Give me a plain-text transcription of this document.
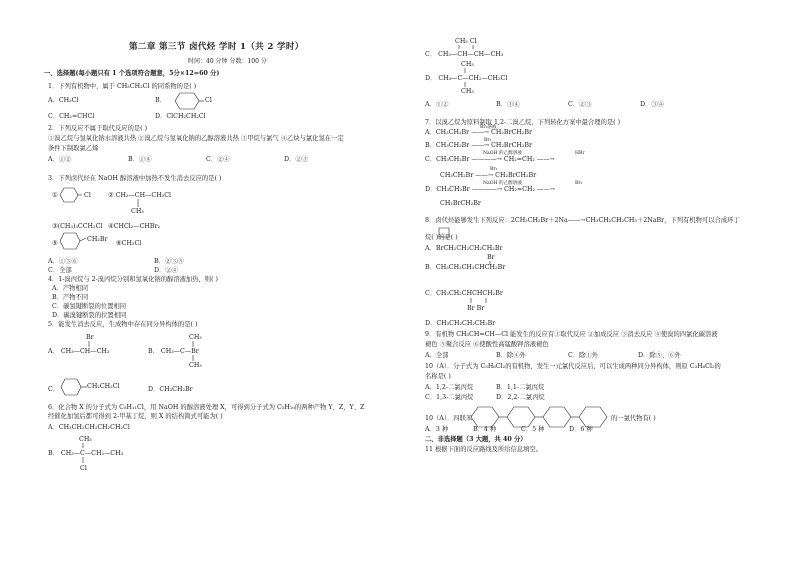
第二章 第三节 卤代烃 学时 1（共 2 学时）
时间：40 分钟 分数：100 分
一、选择题(每小题只有 1 个选项符合题意，5分×12=60 分)
1．下列有机物中，属于 CH₃CH₂Cl 的同系物的是( )
A．CH₃Cl	B．	Cl
C．CH₂=CHCl	D．ClCH₂CH₂Cl
2．下列反应不属于取代反应的是( )
①溴乙烷与氢氧化钠水溶液共热 ②溴乙烷与氢氧化钠的乙醇溶液共热 ③甲烷与氯气 ④乙炔与氯化氢在一定
条件下制取氯乙烯
A．①②	B．①④	C．②④	D．②③
3．下列卤代烃在 NaOH 醇溶液中加热不发生消去反应的是( )
①	Cl	② CH₃—CH—CH₂Cl
CH₃
③(CH₃)₃CCH₂Cl ④CHCl₂—CHBr₂
⑤
CH₂Br
⑥CH₃Cl
A．①③⑥	B．②③⑤
C．全部	D．②④
4．1-溴丙烷与 2-溴丙烷分别和氢氧化钠的醇溶液加热，则( )
A．产物相同
B．产物不同
C．碳氢键断裂的位置相同
D．碳溴键断裂的位置相同
5．能发生消去反应，生成物中存在同分异构体的是( )
Br
A． CH₃—CH—CH₃
CH₃
B． CH₃—C—Br
CH₃
C．	CH₂CH₂Cl	D．CH₃CH₂Br
6．化合物 X 的分子式为 C₅H₁₁Cl，用 NaOH 的醇溶液处理 X，可得到分子式为 C₅H₁₀的两种产物 Y、Z，Y、Z
经催化加氢后都可得到 2-甲基丁烷，则 X 的结构简式可能为( )
A．CH₃CH₂CH₂CH₂CH₂Cl
CH₃
B． CH₃—C—CH₂—CH₃
Cl
CH₃ Cl
C． CH₃—CH—CH—CH₃
CH₃
D． CH₃—C—CH₂—CH₂Cl
CH₃
A．①②	B．③④	C．②③	D．③④
7．以溴乙烷为原料制取 1,2-二溴乙烷，下列转化方案中最合理的是( )
Br₂溶液
A．CH₃CH₂Br ——→ CH₂BrCH₂Br
Br₂
B．CH₃CH₂Br ——→ CH₂BrCH₂Br
NaOH 的乙醇溶液	HBr
C．CH₃CH₂Br ————→ CH₂=CH₂ ——→
Br₂
CH₃CH₂Br ——→ CH₂BrCH₂Br
NaOH 的乙醇溶液	Br₂
D．CH₃CH₂Br ————→ CH₂=CH₂ ——→
CH₂BrCH₂Br
8．卤代烃能够发生下列反应：2CH₃CH₂Br＋2Na——→CH₃CH₂CH₂CH₃＋2NaBr，下列有机物可以合成环丁
烷( )的是( )
A．BrCH₂CH₂CH₂CH₂Br
Br
B．CH₃CH₂CH₂CHCH₂Br
C．CH₃CH₂CHCHCH₂Br
Br Br
D．CH₃CH₂CH₂CH₂Br
9．有机物 CH₃CH=CH—Cl 能发生的反应有①取代反应 ②加成反应 ③消去反应 ④使溴的四氯化碳溶液
褪色 ⑤聚合反应 ⑥使酸性高锰酸钾溶液褪色
A．全部	B．除④外	C．除①外	D．除⑤、⑥外
10（A）．分子式为 C₃H₆Cl₂的有机物，发生一元氯代反应后，可以生成两种同分异构体，则原 C₃H₆Cl₂的
名称是( )
A．1,2-二氯丙烷	B．1,1-二氯丙烷
C．1,3-二氯丙烷	D．2,2-二氯丙烷
10（A）．四联苯	的一氯代物有( )
A．3 种	B．4 种	C．5 种	D．6 种
二、非选择题（3 大题，共 40 分）
11 根据下面的反应路线及所给信息填空。
